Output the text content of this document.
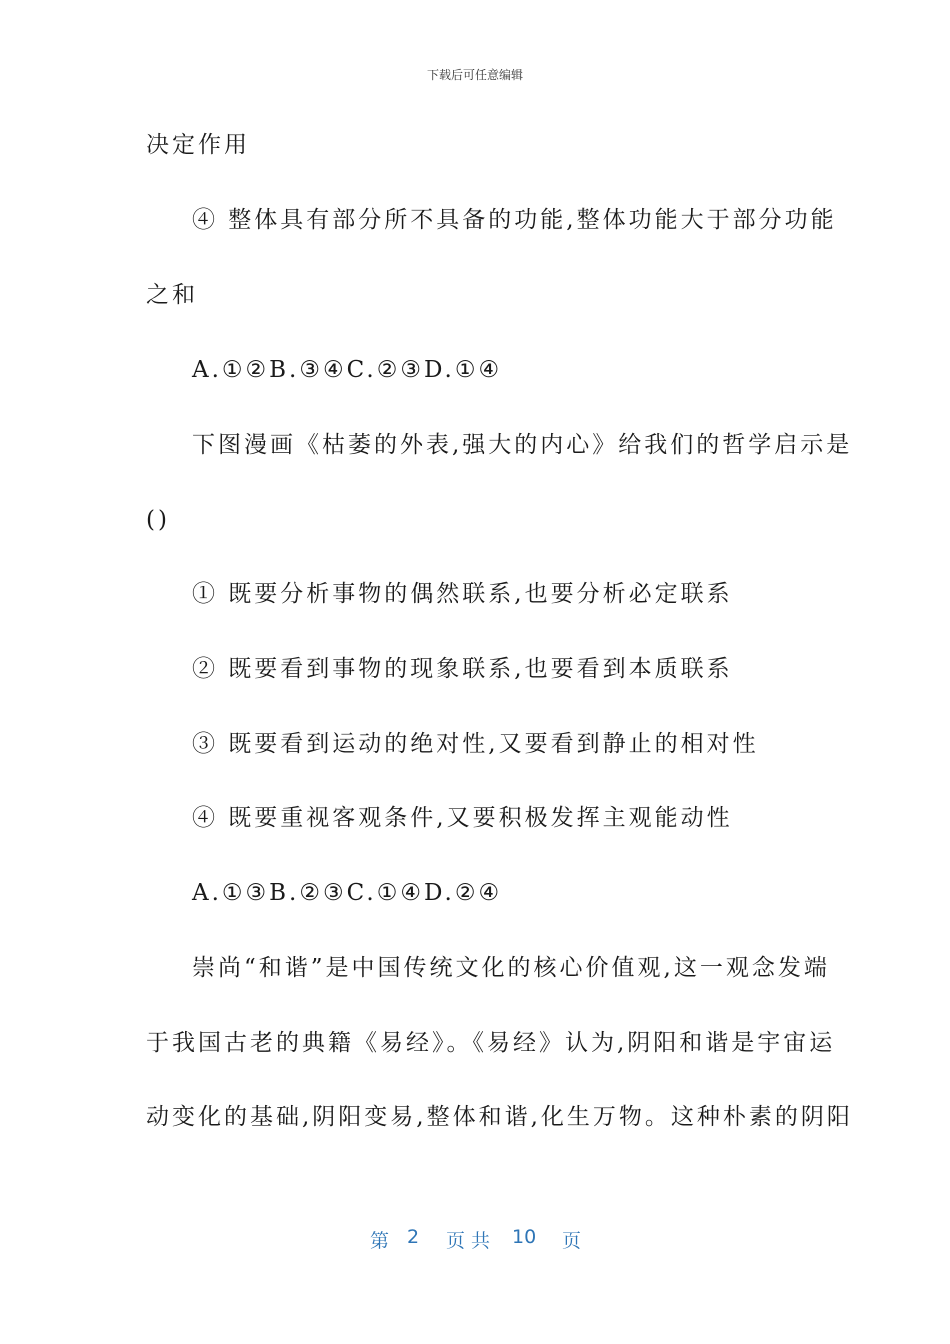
下载后可任意编辑
决定作用
④ 整体具有部分所不具备的功能,整体功能大于部分功能
之和
A.①②B.③④C.②③D.①④
下图漫画《枯萎的外表,强大的内心》给我们的哲学启示是
()
① 既要分析事物的偶然联系,也要分析必定联系
② 既要看到事物的现象联系,也要看到本质联系
③ 既要看到运动的绝对性,又要看到静止的相对性
④ 既要重视客观条件,又要积极发挥主观能动性
A.①③B.②③C.①④D.②④
崇尚“和谐”是中国传统文化的核心价值观,这一观念发端
于我国古老的典籍《易经》。《易经》认为,阴阳和谐是宇宙运
动变化的基础,阴阳变易,整体和谐,化生万物。这种朴素的阴阳
第 2 页 共 10 页
